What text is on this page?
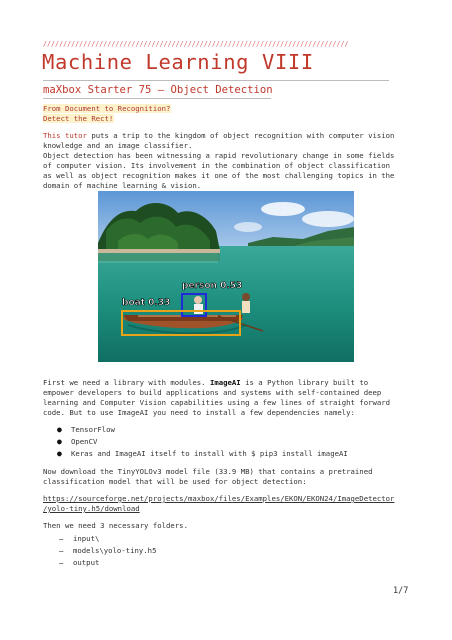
////////////////////////////////////////////////////////////////////////////
Machine Learning VIII
maXbox Starter 75 – Object Detection
From Document to Recognition?
Detect the Rect!
This tutor puts a trip to the kingdom of object recognition with computer vision
knowledge and an image classifier.
Object detection has been witnessing a rapid revolutionary change in some fields
of computer vision. Its involvement in the combination of object classification
as well as object recognition makes it one of the most challenging topics in the
domain of machine learning & vision.
person 0.53
boat 0.33
First we need a library with modules. ImageAI is a Python library built to
empower developers to build applications and systems with self-contained deep
learning and Computer Vision capabilities using a few lines of straight forward
code. But to use ImageAI you need to install a few dependencies namely:
● TensorFlow
● OpenCV
● Keras and ImageAI itself to install with $ pip3 install imageAI
Now download the TinyYOLOv3 model file (33.9 MB) that contains a pretrained
classification model that will be used for object detection:
https://sourceforge.net/projects/maxbox/files/Examples/EKON/EKON24/ImageDetector
/yolo-tiny.h5/download
Then we need 3 necessary folders.
– input\
– models\yolo-tiny.h5
– output
1/7
